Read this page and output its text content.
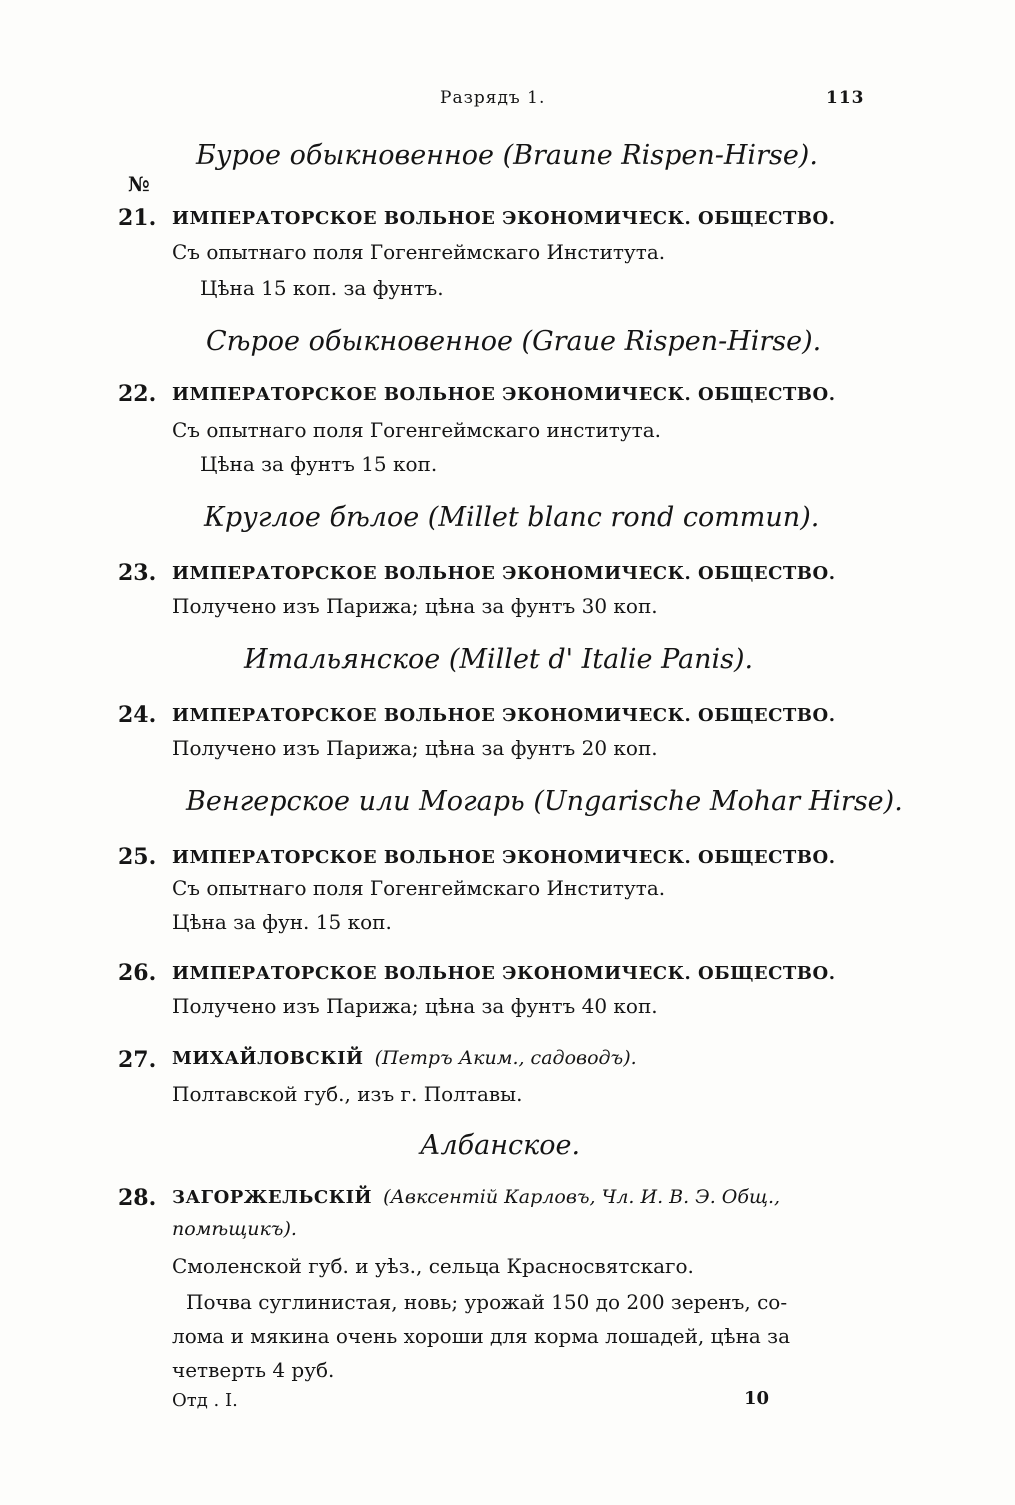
Разрядъ 1.	113
№
Бурое обыкновенное (Braune Rispen-Hirse).
21. ИМПЕРАТОРСКОЕ ВОЛЬНОЕ ЭКОНОМИЧЕСК. ОБЩЕСТВО.
Съ опытнаго поля Гогенгеймскаго Института.
Цѣна 15 коп. за фунтъ.
Сѣрое обыкновенное (Graue Rispen-Hirse).
22. ИМПЕРАТОРСКОЕ ВОЛЬНОЕ ЭКОНОМИЧЕСК. ОБЩЕСТВО.
Съ опытнаго поля Гогенгеймскаго института.
Цѣна за фунтъ 15 коп.
Круглое бѣлое (Millet blanc rond commun).
23. ИМПЕРАТОРСКОЕ ВОЛЬНОЕ ЭКОНОМИЧЕСК. ОБЩЕСТВО.
Получено изъ Парижа; цѣна за фунтъ 30 коп.
Итальянское (Millet d' Italie Panis).
24. ИМПЕРАТОРСКОЕ ВОЛЬНОЕ ЭКОНОМИЧЕСК. ОБЩЕСТВО.
Получено изъ Парижа; цѣна за фунтъ 20 коп.
Венгерское или Могарь (Ungarische Mohar Hirse).
25. ИМПЕРАТОРСКОЕ ВОЛЬНОЕ ЭКОНОМИЧЕСК. ОБЩЕСТВО.
Съ опытнаго поля Гогенгеймскаго Института.
Цѣна за фун. 15 коп.
26. ИМПЕРАТОРСКОЕ ВОЛЬНОЕ ЭКОНОМИЧЕСК. ОБЩЕСТВО.
Получено изъ Парижа; цѣна за фунтъ 40 коп.
27. МИХАЙЛОВСКІЙ (Петръ Аким., садоводъ).
Полтавской губ., изъ г. Полтавы.
Албанское.
28. ЗАГОРЖЕЛЬСКІЙ (Авксентій Карловъ, Чл. И. В. Э. Общ.,
помѣщикъ).
Смоленской губ. и уѣз., сельца Красносвятскаго.
Почва суглинистая, новь; урожай 150 до 200 зеренъ, со-
лома и мякина очень хороши для корма лошадей, цѣна за
четверть 4 руб.
Отд . I.	10
